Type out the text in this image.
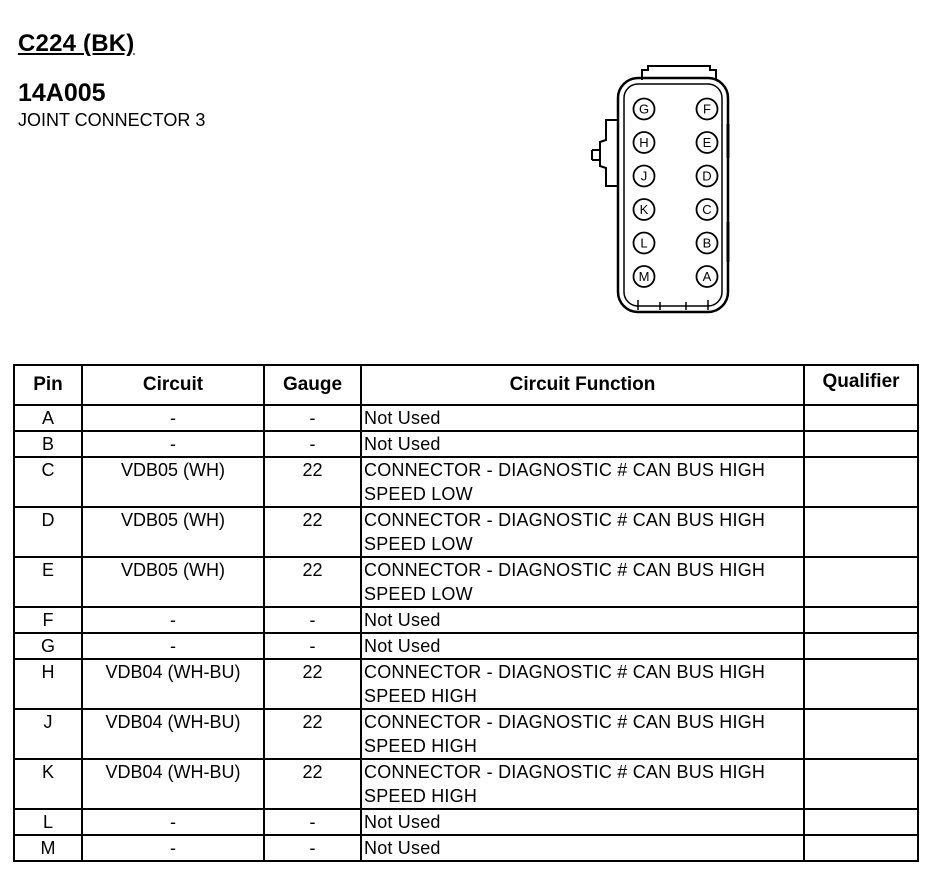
C224 (BK)
14A005
JOINT CONNECTOR 3
G
H
J
K
L
M
F
E
D
C
B
A
Pin	Circuit	Gauge	Circuit Function	Qualifier
A	-	-	Not Used	
B	-	-	Not Used	
C	VDB05 (WH)	22	CONNECTOR - DIAGNOSTIC # CAN BUS HIGH SPEED LOW	
D	VDB05 (WH)	22	CONNECTOR - DIAGNOSTIC # CAN BUS HIGH SPEED LOW	
E	VDB05 (WH)	22	CONNECTOR - DIAGNOSTIC # CAN BUS HIGH SPEED LOW	
F	-	-	Not Used	
G	-	-	Not Used	
H	VDB04 (WH-BU)	22	CONNECTOR - DIAGNOSTIC # CAN BUS HIGH SPEED HIGH	
J	VDB04 (WH-BU)	22	CONNECTOR - DIAGNOSTIC # CAN BUS HIGH SPEED HIGH	
K	VDB04 (WH-BU)	22	CONNECTOR - DIAGNOSTIC # CAN BUS HIGH SPEED HIGH	
L	-	-	Not Used	
M	-	-	Not Used	
